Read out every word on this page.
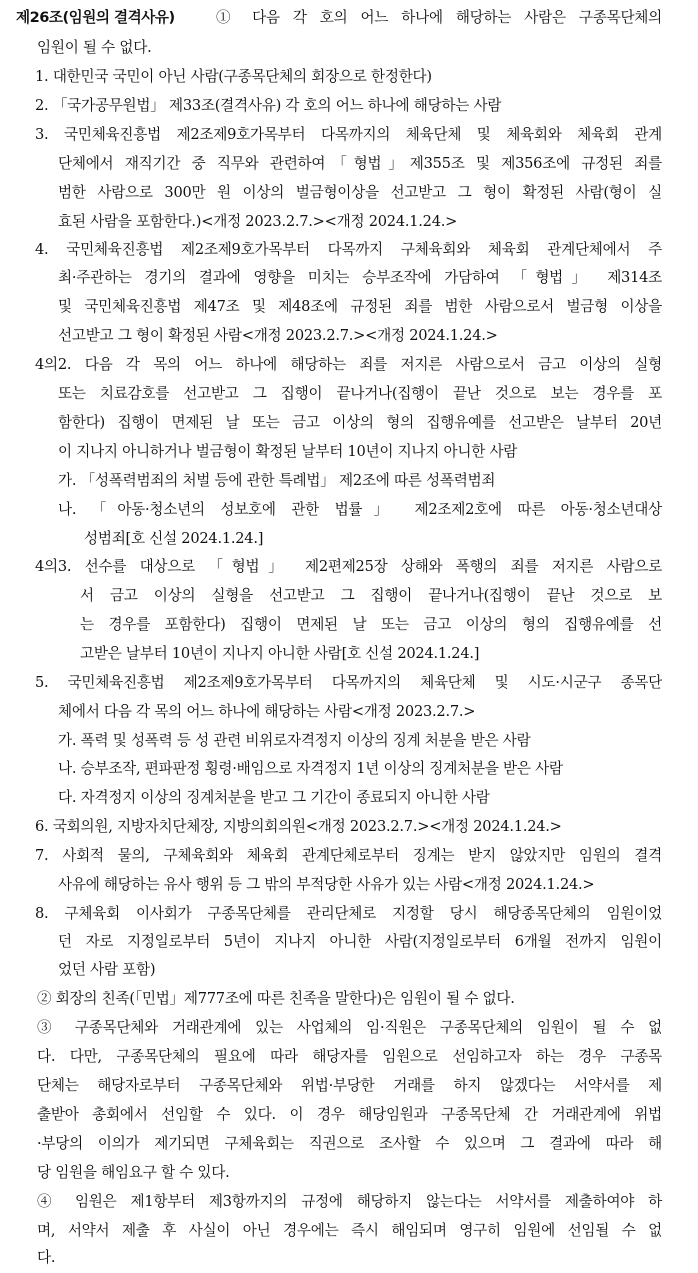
제26조(임원의 결격사유)	① 다음 각 호의 어느 하나에 해당하는 사람은 구종목단체의
임원이 될 수 없다.
1. 대한민국 국민이 아닌 사람(구종목단체의 회장으로 한정한다)
2. 「국가공무원법」 제33조(결격사유) 각 호의 어느 하나에 해당하는 사람
3. 국민체육진흥법 제2조제9호가목부터 다목까지의 체육단체 및 체육회와 체육회 관계
단체에서 재직기간 중 직무와 관련하여「형법」제355조 및 제356조에 규정된 죄를
범한 사람으로 300만 원 이상의 벌금형이상을 선고받고 그 형이 확정된 사람(형이 실
효된 사람을 포함한다.)<개정 2023.2.7.><개정 2024.1.24.>
4. 국민체육진흥법 제2조제9호가목부터 다목까지 구체육회와 체육회 관계단체에서 주
최·주관하는 경기의 결과에 영향을 미치는 승부조작에 가담하여 「형법」 제314조
및 국민체육진흥법 제47조 및 제48조에 규정된 죄를 범한 사람으로서 벌금형 이상을
선고받고 그 형이 확정된 사람<개정 2023.2.7.><개정 2024.1.24.>
4의2. 다음 각 목의 어느 하나에 해당하는 죄를 저지른 사람으로서 금고 이상의 실형
또는 치료감호를 선고받고 그 집행이 끝나거나(집행이 끝난 것으로 보는 경우를 포
함한다) 집행이 면제된 날 또는 금고 이상의 형의 집행유예를 선고받은 날부터 20년
이 지나지 아니하거나 벌금형이 확정된 날부터 10년이 지나지 아니한 사람
가. 「성폭력범죄의 처벌 등에 관한 특례법」 제2조에 따른 성폭력범죄
나. 「아동·청소년의 성보호에 관한 법률」 제2조제2호에 따른 아동·청소년대상
성범죄[호 신설 2024.1.24.]
4의3. 선수를 대상으로 「형법」 제2편제25장 상해와 폭행의 죄를 저지른 사람으로
서 금고 이상의 실형을 선고받고 그 집행이 끝나거나(집행이 끝난 것으로 보
는 경우를 포함한다) 집행이 면제된 날 또는 금고 이상의 형의 집행유예를 선
고받은 날부터 10년이 지나지 아니한 사람[호 신설 2024.1.24.]
5. 국민체육진흥법 제2조제9호가목부터 다목까지의 체육단체 및 시도·시군구 종목단
체에서 다음 각 목의 어느 하나에 해당하는 사람<개정 2023.2.7.>
가. 폭력 및 성폭력 등 성 관련 비위로자격정지 이상의 징계 처분을 받은 사람
나. 승부조작, 편파판정 횡령·배임으로 자격정지 1년 이상의 징계처분을 받은 사람
다. 자격정지 이상의 징계처분을 받고 그 기간이 종료되지 아니한 사람
6. 국회의원, 지방자치단체장, 지방의회의원<개정 2023.2.7.><개정 2024.1.24.>
7. 사회적 물의, 구체육회와 체육회 관계단체로부터 징계는 받지 않았지만 임원의 결격
사유에 해당하는 유사 행위 등 그 밖의 부적당한 사유가 있는 사람<개정 2024.1.24.>
8. 구체육회 이사회가 구종목단체를 관리단체로 지정할 당시 해당종목단체의 임원이었
던 자로 지정일로부터 5년이 지나지 아니한 사람(지정일로부터 6개월 전까지 임원이
었던 사람 포함)
② 회장의 친족(「민법」제777조에 따른 친족을 말한다)은 임원이 될 수 없다.
③ 구종목단체와 거래관계에 있는 사업체의 임·직원은 구종목단체의 임원이 될 수 없
다. 다만, 구종목단체의 필요에 따라 해당자를 임원으로 선임하고자 하는 경우 구종목
단체는 해당자로부터 구종목단체와 위법·부당한 거래를 하지 않겠다는 서약서를 제
출받아 총회에서 선임할 수 있다. 이 경우 해당임원과 구종목단체 간 거래관계에 위법
·부당의 이의가 제기되면 구체육회는 직권으로 조사할 수 있으며 그 결과에 따라 해
당 임원을 해임요구 할 수 있다.
④ 임원은 제1항부터 제3항까지의 규정에 해당하지 않는다는 서약서를 제출하여야 하
며, 서약서 제출 후 사실이 아닌 경우에는 즉시 해임되며 영구히 임원에 선임될 수 없
다.
